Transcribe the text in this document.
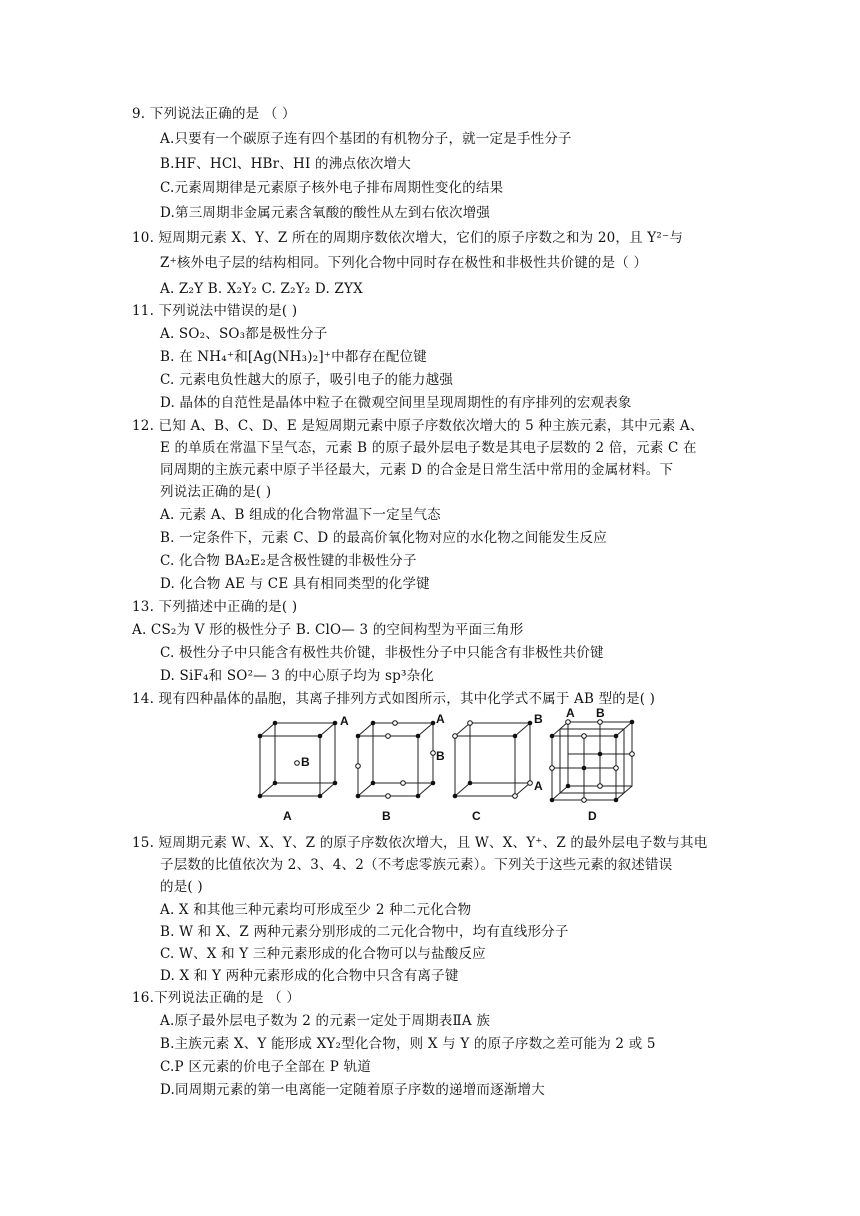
9. 下列说法正确的是 （ ）
A.只要有一个碳原子连有四个基团的有机物分子，就一定是手性分子
B.HF、HCl、HBr、HI 的沸点依次增大
C.元素周期律是元素原子核外电子排布周期性变化的结果
D.第三周期非金属元素含氧酸的酸性从左到右依次增强
10. 短周期元素 X、Y、Z 所在的周期序数依次增大，它们的原子序数之和为 20，且 Y²⁻与
Z⁺核外电子层的结构相同。下列化合物中同时存在极性和非极性共价键的是（ ）
A. Z₂Y B. X₂Y₂ C. Z₂Y₂ D. ZYX
11. 下列说法中错误的是( )
A. SO₂、SO₃都是极性分子
B. 在 NH₄⁺和[Ag(NH₃)₂]⁺中都存在配位键
C. 元素电负性越大的原子，吸引电子的能力越强
D. 晶体的自范性是晶体中粒子在微观空间里呈现周期性的有序排列的宏观表象
12. 已知 A、B、C、D、E 是短周期元素中原子序数依次增大的 5 种主族元素，其中元素 A、
E 的单质在常温下呈气态，元素 B 的原子最外层电子数是其电子层数的 2 倍，元素 C 在
同周期的主族元素中原子半径最大，元素 D 的合金是日常生活中常用的金属材料。下
列说法正确的是( )
A. 元素 A、B 组成的化合物常温下一定呈气态
B. 一定条件下，元素 C、D 的最高价氧化物对应的水化物之间能发生反应
C. 化合物 BA₂E₂是含极性键的非极性分子
D. 化合物 AE 与 CE 具有相同类型的化学键
13. 下列描述中正确的是( )
A. CS₂为 V 形的极性分子 B. ClO— 3 的空间构型为平面三角形
C. 极性分子中只能含有极性共价键，非极性分子中只能含有非极性共价键
D. SiF₄和 SO²— 3 的中心原子均为 sp³杂化
14. 现有四种晶体的晶胞，其离子排列方式如图所示，其中化学式不属于 AB 型的是( )
A
B
A
B
B
A
A B
A	B	C	D
15. 短周期元素 W、X、Y、Z 的原子序数依次增大，且 W、X、Y⁺、Z 的最外层电子数与其电
子层数的比值依次为 2、3、4、2（不考虑零族元素）。下列关于这些元素的叙述错误
的是( )
A. X 和其他三种元素均可形成至少 2 种二元化合物
B. W 和 X、Z 两种元素分别形成的二元化合物中，均有直线形分子
C. W、X 和 Y 三种元素形成的化合物可以与盐酸反应
D. X 和 Y 两种元素形成的化合物中只含有离子键
16.下列说法正确的是 （ ）
A.原子最外层电子数为 2 的元素一定处于周期表ⅡA 族
B.主族元素 X、Y 能形成 XY₂型化合物，则 X 与 Y 的原子序数之差可能为 2 或 5
C.P 区元素的价电子全部在 P 轨道
D.同周期元素的第一电离能一定随着原子序数的递增而逐渐增大
